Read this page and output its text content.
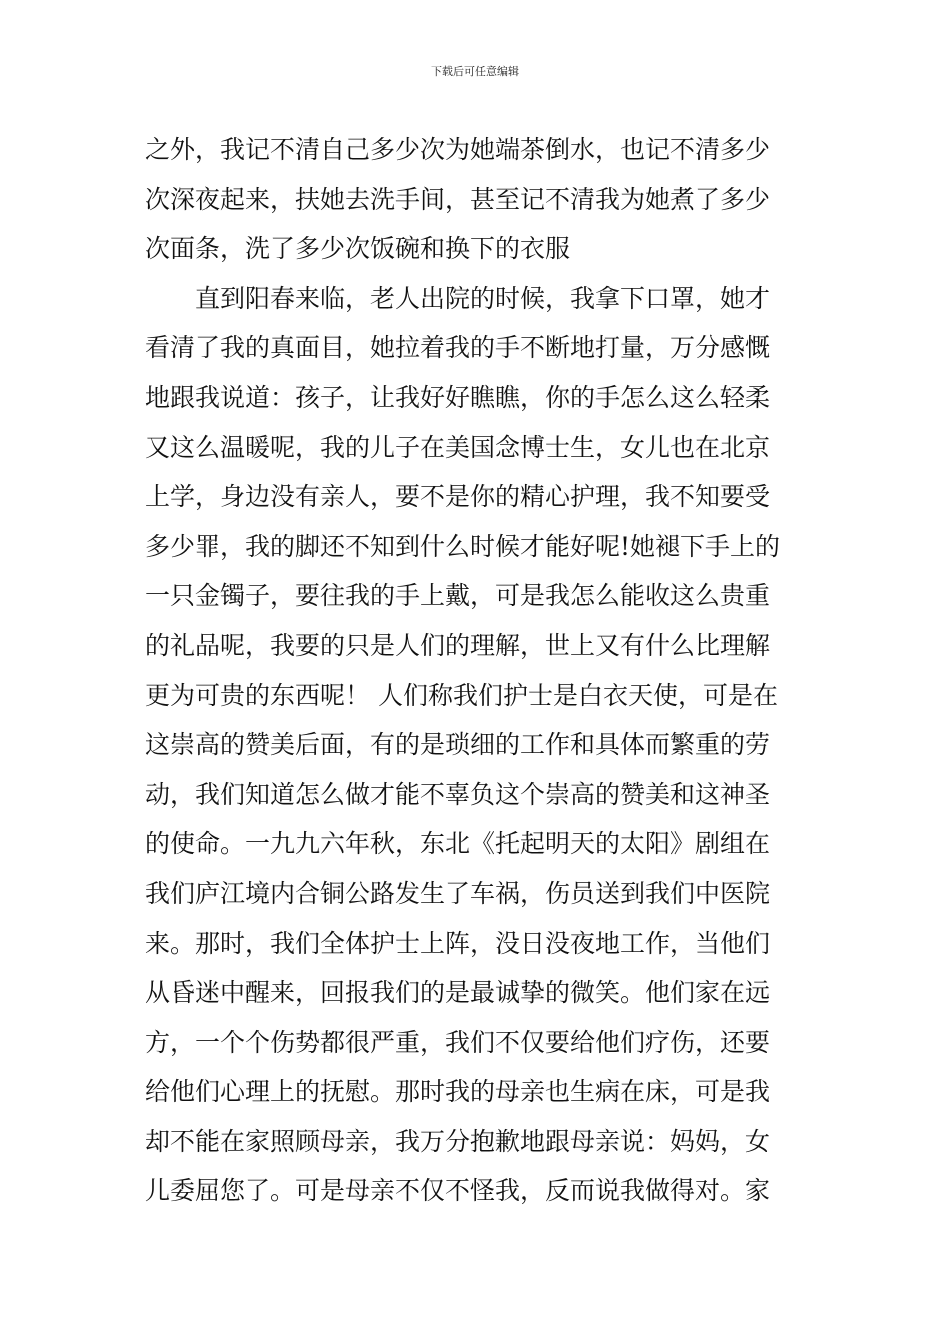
下载后可任意编辑
之外，我记不清自己多少次为她端茶倒水，也记不清多少
次深夜起来，扶她去洗手间，甚至记不清我为她煮了多少
次面条，洗了多少次饭碗和换下的衣服
　　直到阳春来临，老人出院的时候，我拿下口罩，她才
看清了我的真面目，她拉着我的手不断地打量，万分感慨
地跟我说道：孩子，让我好好瞧瞧，你的手怎么这么轻柔
又这么温暖呢，我的儿子在美国念博士生，女儿也在北京
上学，身边没有亲人，要不是你的精心护理，我不知要受
多少罪，我的脚还不知到什么时候才能好呢!她褪下手上的
一只金镯子，要往我的手上戴，可是我怎么能收这么贵重
的礼品呢，我要的只是人们的理解，世上又有什么比理解
更为可贵的东西呢！ 人们称我们护士是白衣天使，可是在
这崇高的赞美后面，有的是琐细的工作和具体而繁重的劳
动，我们知道怎么做才能不辜负这个崇高的赞美和这神圣
的使命。一九九六年秋，东北《托起明天的太阳》剧组在
我们庐江境内合铜公路发生了车祸，伤员送到我们中医院
来。那时，我们全体护士上阵，没日没夜地工作，当他们
从昏迷中醒来，回报我们的是最诚挚的微笑。他们家在远
方，一个个伤势都很严重，我们不仅要给他们疗伤，还要
给他们心理上的抚慰。那时我的母亲也生病在床，可是我
却不能在家照顾母亲，我万分抱歉地跟母亲说：妈妈，女
儿委屈您了。可是母亲不仅不怪我，反而说我做得对。家
